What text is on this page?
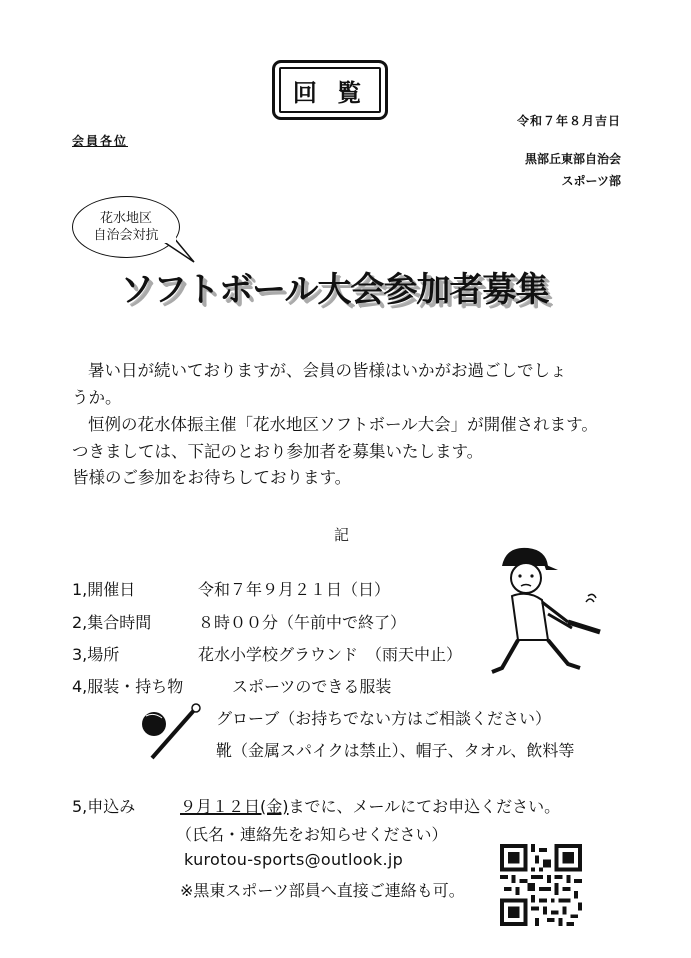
回 覧
令和７年８月吉日
会員各位
黒部丘東部自治会
スポーツ部
花水地区
自治会対抗
ソフトボール大会参加者募集
暑い日が続いておりますが、会員の皆様はいかがお過ごしでしょ
うか。
恒例の花水体振主催「花水地区ソフトボール大会」が開催されます。
つきましては、下記のとおり参加者を募集いたします。
皆様のご参加をお待ちしております。
記
1,開催日	令和７年９月２１日（日）
2,集合時間	８時００分（午前中で終了）
3,場所	花水小学校グラウンド　（雨天中止）
4,服装・持ち物	スポーツのできる服装
グローブ（お持ちでない方はご相談ください）
靴（金属スパイクは禁止）、帽子、タオル、飲料等
5,申込み	９月１２日(金)までに、メールにてお申込ください。
（氏名・連絡先をお知らせください）
kurotou-sports@outlook.jp
※黒東スポーツ部員へ直接ご連絡も可。
